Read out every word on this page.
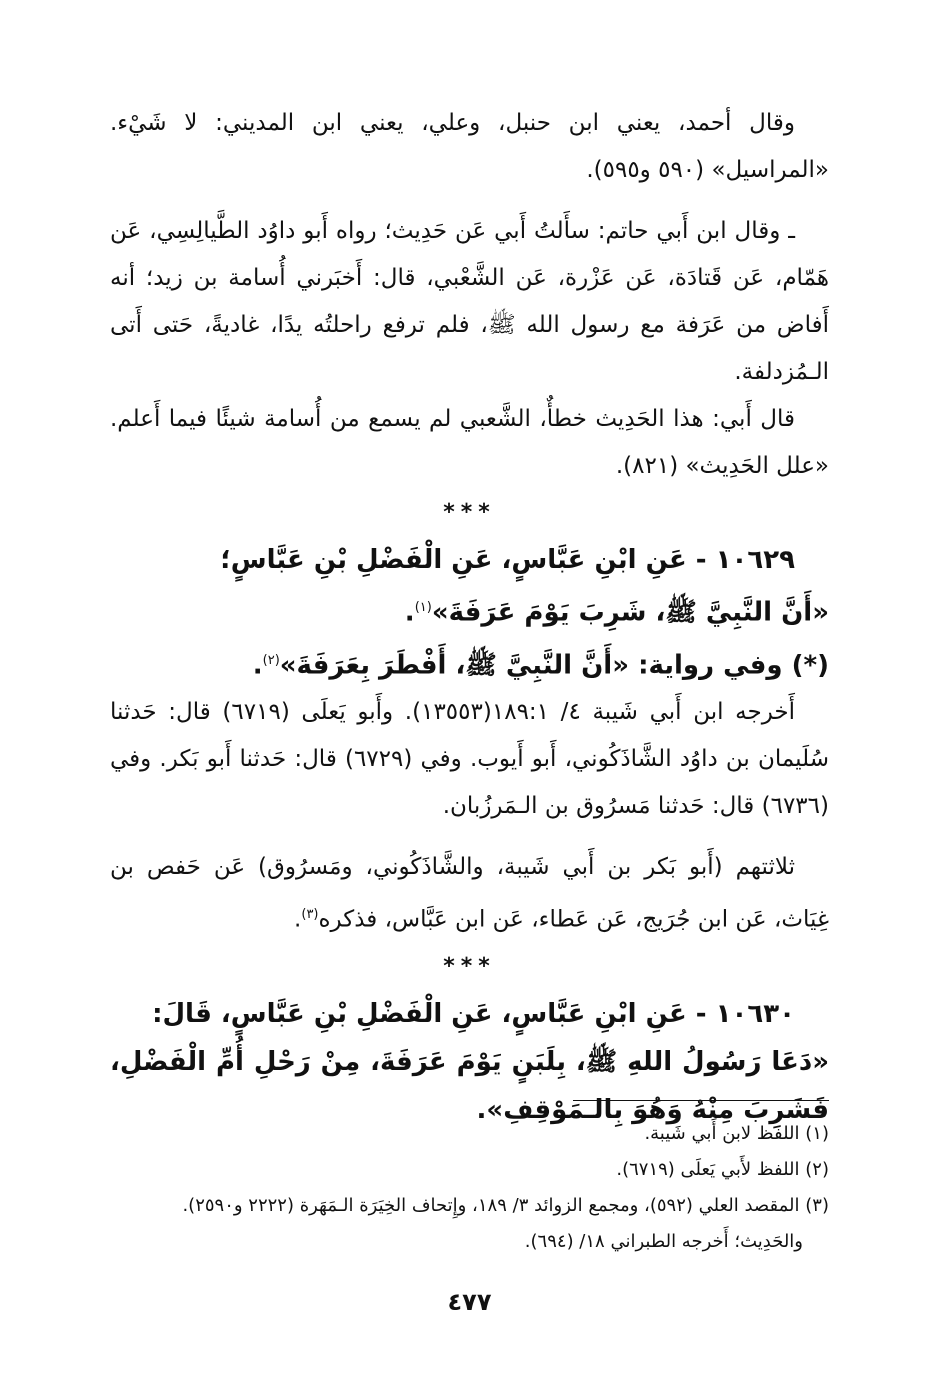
وقال أحمد، يعني ابن حنبل، وعلي، يعني ابن المديني: لا شَيْء. «المراسيل» (٥٩٠ و٥٩٥).

ـ وقال ابن أَبي حاتم: سأَلتُ أَبي عَن حَدِيث؛ رواه أَبو داوُد الطَّيالِسِي، عَن هَمّام، عَن قَتادَة، عَن عَزْرة، عَن الشَّعْبي، قال: أَخبَرني أُسامة بن زيد؛ أنه أَفاض من عَرَفة مع رسول الله ﷺ، فلم ترفع راحلتُه يدًا، غاديةً، حَتى أَتى الـمُزدلفة.

قال أَبي: هذا الحَدِيث خطأٌ، الشَّعبي لم يسمع من أُسامة شيئًا فيما أَعلم. «علل الحَدِيث» (٨٢١).

***

١٠٦٢٩ - عَنِ ابْنِ عَبَّاسٍ، عَنِ الْفَضْلِ بْنِ عَبَّاسٍ؛

«أَنَّ النَّبِيَّ ﷺ، شَرِبَ يَوْمَ عَرَفَةَ»$^{(١)}$.

(*) وفي رواية: «أَنَّ النَّبِيَّ ﷺ، أَفْطَرَ بِعَرَفَةَ»$^{(٢)}$.

أَخرجه ابن أَبي شَيبة ٤/ ١٨٩:١(١٣٥٥٣). وأَبو يَعلَى (٦٧١٩) قال: حَدثنا سُلَيمان بن داوُد الشَّاذَكُوني، أَبو أَيوب. وفي (٦٧٢٩) قال: حَدثنا أَبو بَكر. وفي (٦٧٣٦) قال: حَدثنا مَسرُوق بن الـمَرزُبان.

ثلاثتهم (أَبو بَكر بن أَبي شَيبة، والشَّاذَكُوني، ومَسرُوق) عَن حَفص بن غِيَاث، عَن ابن جُرَيج، عَن عَطاء، عَن ابن عَبَّاس، فذكره$^{(٣)}$.

***

١٠٦٣٠ - عَنِ ابْنِ عَبَّاسٍ، عَنِ الْفَضْلِ بْنِ عَبَّاسٍ، قَالَ:

«دَعَا رَسُولُ اللهِ ﷺ، بِلَبَنٍ يَوْمَ عَرَفَةَ، مِنْ رَحْلِ أُمِّ الْفَضْلِ، فَشَرِبَ مِنْهُ وَهُوَ بِالـمَوْقِفِ».

(١) اللفظ لابن أَبي شَيبة.

(٢) اللفظ لأَبي يَعلَى (٦٧١٩).

(٣) المقصد العلي (٥٩٢)، ومجمع الزوائد ٣/ ١٨٩، وإِتحاف الخِيَرَة الـمَهَرة (٢٢٢٢ و٢٥٩٠).

والحَدِيث؛ أَخرجه الطبراني ١٨/ (٦٩٤).

٤٧٧
